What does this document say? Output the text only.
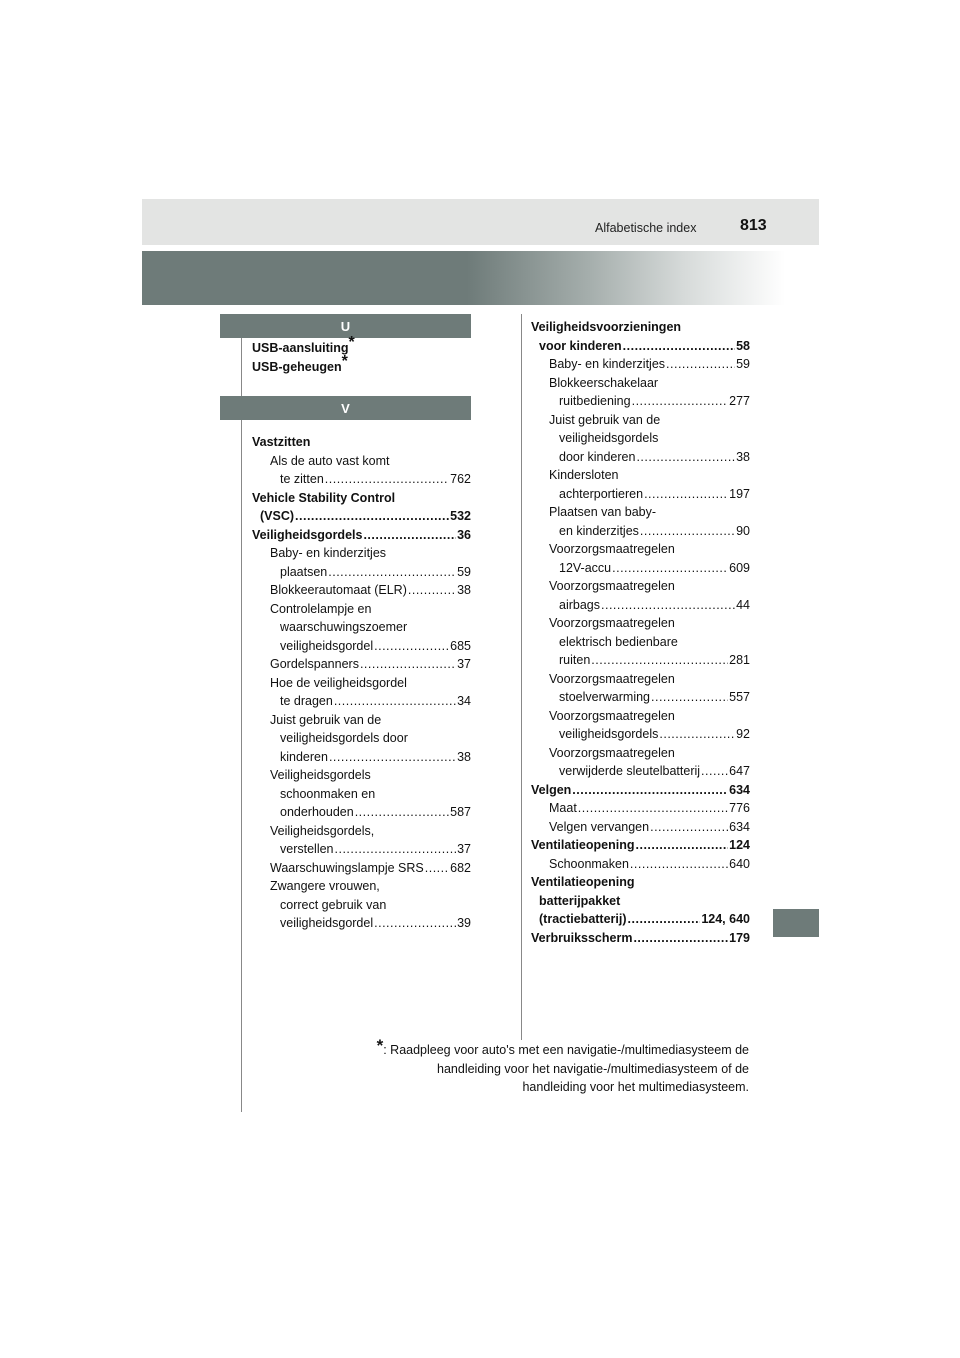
Alfabetische index	813
U
V
USB-aansluiting*
USB-geheugen*
Vastzitten
Als de auto vast komt
te zitten .....	762
Vehicle Stability Control
(VSC) .....	532
Veiligheidsgordels .....	36
Baby- en kinderzitjes
plaatsen .....	59
Blokkeerautomaat (ELR) .....	38
Controlelampje en
waarschuwingszoemer
veiligheidsgordel .....	685
Gordelspanners .....	37
Hoe de veiligheidsgordel
te dragen .....	34
Juist gebruik van de
veiligheidsgordels door
kinderen .....	38
Veiligheidsgordels
schoonmaken en
onderhouden .....	587
Veiligheidsgordels,
verstellen .....	37
Waarschuwingslampje SRS ..... 682
Zwangere vrouwen,
correct gebruik van
veiligheidsgordel .....	39
Veiligheidsvoorzieningen
voor kinderen .....	58
Baby- en kinderzitjes .....	59
Blokkeerschakelaar
ruitbediening .....	277
Juist gebruik van de
veiligheidsgordels
door kinderen .....	38
Kindersloten
achterportieren .....	197
Plaatsen van baby-
en kinderzitjes .....	90
Voorzorgsmaatregelen
12V-accu .....	609
Voorzorgsmaatregelen
airbags .....	44
Voorzorgsmaatregelen
elektrisch bedienbare
ruiten .....	281
Voorzorgsmaatregelen
stoelverwarming .....	557
Voorzorgsmaatregelen
veiligheidsgordels .....	92
Voorzorgsmaatregelen
verwijderde sleutelbatterij ..... 647
Velgen .....	634
Maat .....	776
Velgen vervangen .....	634
Ventilatieopening .....	124
Schoonmaken .....	640
Ventilatieopening
batterijpakket
(tractiebatterij) .....	124, 640
Verbruiksscherm .....	179
*: Raadpleeg voor auto's met een navigatie-/multimediasysteem de
handleiding voor het navigatie-/multimediasysteem of de
handleiding voor het multimediasysteem.
